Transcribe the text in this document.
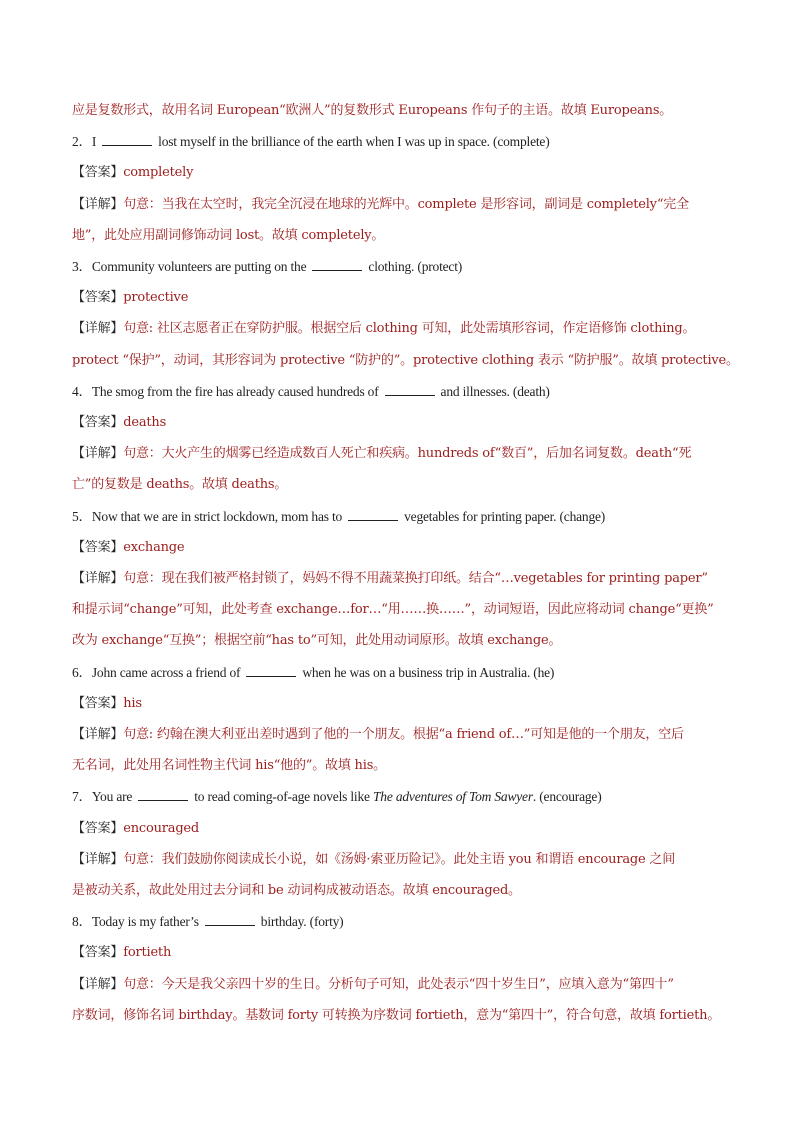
应是复数形式，故用名词 European“欧洲人”的复数形式 Europeans 作句子的主语。故填 Europeans。
2．I	lost myself in the brilliance of the earth when I was up in space. (complete)
【答案】completely
【详解】句意：当我在太空时，我完全沉浸在地球的光辉中。complete 是形容词，副词是 completely“完全
地”，此处应用副词修饰动词 lost。故填 completely。
3．Community volunteers are putting on the	clothing. (protect)
【答案】protective
【详解】句意: 社区志愿者正在穿防护服。根据空后 clothing 可知，此处需填形容词，作定语修饰 clothing。
protect “保护”，动词，其形容词为 protective “防护的”。protective clothing 表示 “防护服”。故填 protective。
4．The smog from the fire has already caused hundreds of	and illnesses. (death)
【答案】deaths
【详解】句意：大火产生的烟雾已经造成数百人死亡和疾病。hundreds of“数百”，后加名词复数。death“死
亡”的复数是 deaths。故填 deaths。
5．Now that we are in strict lockdown, mom has to	vegetables for printing paper. (change)
【答案】exchange
【详解】句意：现在我们被严格封锁了，妈妈不得不用蔬菜换打印纸。结合“…vegetables for printing paper”
和提示词“change”可知，此处考查 exchange…for…“用……换……”，动词短语，因此应将动词 change“更换”
改为 exchange“互换”；根据空前“has to”可知，此处用动词原形。故填 exchange。
6．John came across a friend of	when he was on a business trip in Australia. (he)
【答案】his
【详解】句意: 约翰在澳大利亚出差时遇到了他的一个朋友。根据“a friend of…”可知是他的一个朋友，空后
无名词，此处用名词性物主代词 his“他的”。故填 his。
7．You are	to read coming-of-age novels like The adventures of Tom Sawyer. (encourage)
【答案】encouraged
【详解】句意：我们鼓励你阅读成长小说，如《汤姆·索亚历险记》。此处主语 you 和谓语 encourage 之间
是被动关系，故此处用过去分词和 be 动词构成被动语态。故填 encouraged。
8．Today is my father’s	birthday. (forty)
【答案】fortieth
【详解】句意：今天是我父亲四十岁的生日。分析句子可知，此处表示“四十岁生日”，应填入意为“第四十”
序数词，修饰名词 birthday。基数词 forty 可转换为序数词 fortieth，意为“第四十”，符合句意，故填 fortieth。
